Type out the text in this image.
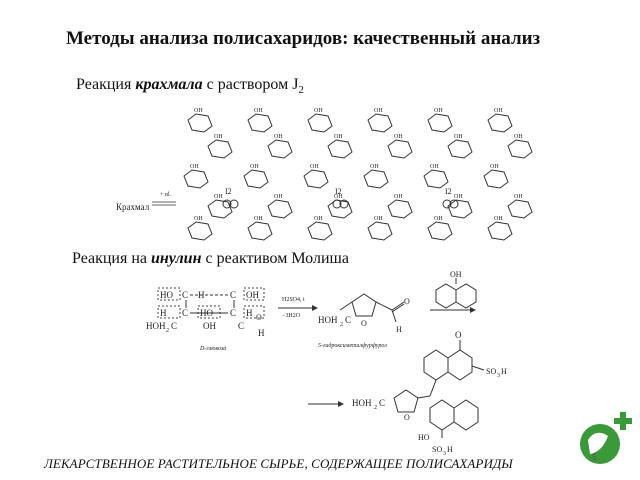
Методы анализа полисахаридов: качественный анализ
Реакция крахмала с раствором $J_2$
OH
OH
OH
OH
OH
OH
OH
OH
OH
OH
OH
OH
OH
OH
OH
OH
OH
OH
OH
OH
OH
OH
OH
OH
OH
OH
OH
OH
OH
OH
Крахмал
+ αl.	I2	I2	I2
Реакция на инулин с реактивом Молиша
HO C H	C OH
H C HO C H
HOH 2 C	OH C
H
O
D-глюкоза
H2SO4, t
−3H2O HOH 2 C O
O
H
5-гидроксиметилфурфурол
OH
HOH 2 C
O
SO 3 H
O
HO
SO 3 H
ЛЕКАРСТВЕННОЕ РАСТИТЕЛЬНОЕ СЫРЬЕ, СОДЕРЖАЩЕЕ ПОЛИСАХАРИДЫ	5
